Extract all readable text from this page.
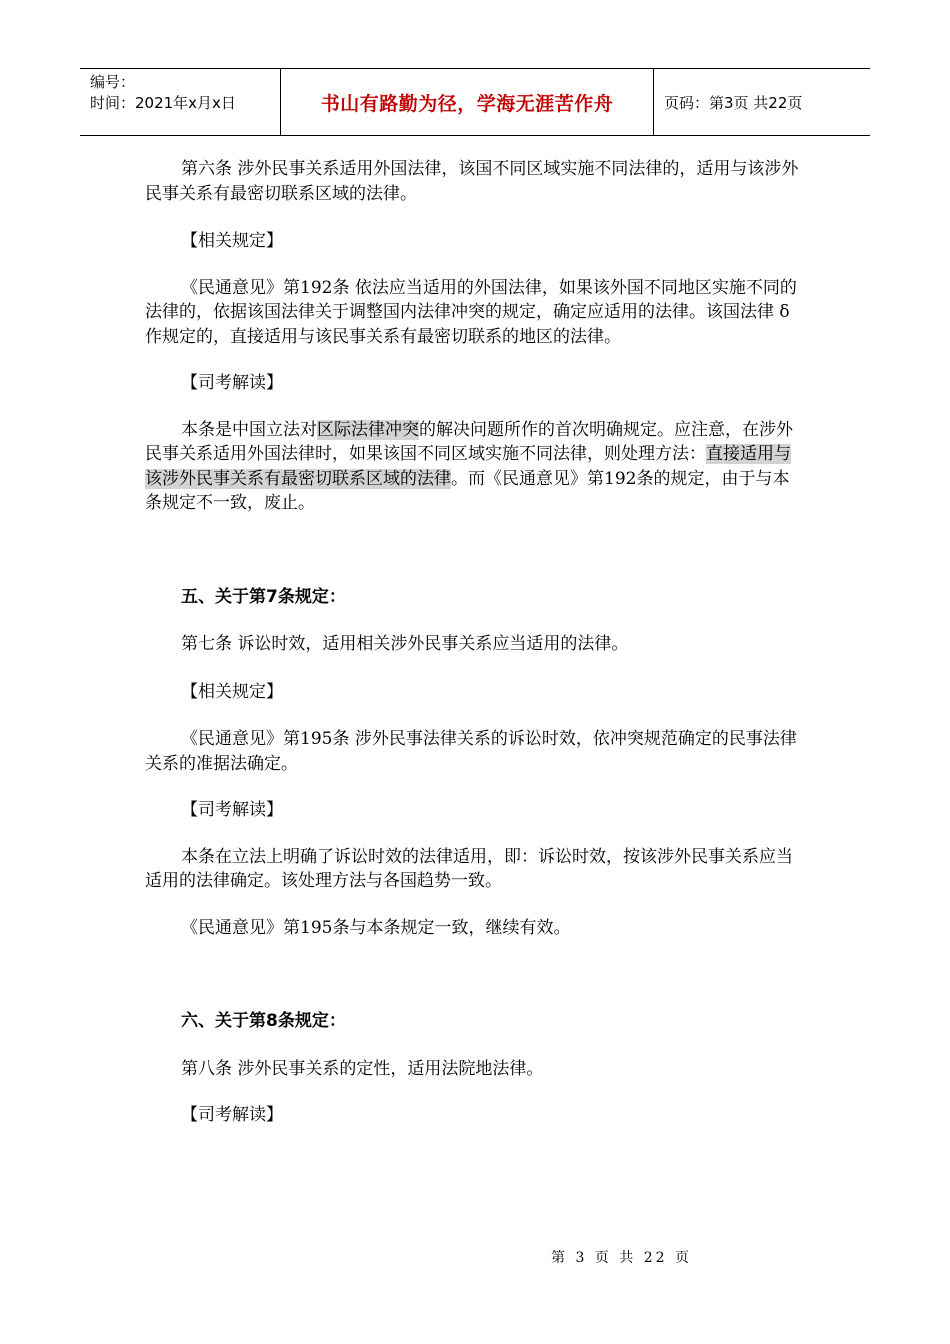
编号：
时间：2021年x月x日	书山有路勤为径，学海无涯苦作舟	页码：第3页 共22页

第六条 涉外民事关系适用外国法律，该国不同区域实施不同法律的，适用与该涉外民事关系有最密切联系区域的法律。

【相关规定】

《民通意见》第192条 依法应当适用的外国法律，如果该外国不同地区实施不同的法律的，依据该国法律关于调整国内法律冲突的规定，确定应适用的法律。该国法律 δ 作规定的，直接适用与该民事关系有最密切联系的地区的法律。

【司考解读】

本条是中国立法对区际法律冲突的解决问题所作的首次明确规定。应注意，在涉外民事关系适用外国法律时，如果该国不同区域实施不同法律，则处理方法：直接适用与该涉外民事关系有最密切联系区域的法律。而《民通意见》第192条的规定，由于与本条规定不一致，废止。

五、关于第7条规定：

第七条 诉讼时效，适用相关涉外民事关系应当适用的法律。

【相关规定】

《民通意见》第195条 涉外民事法律关系的诉讼时效，依冲突规范确定的民事法律关系的准据法确定。

【司考解读】

本条在立法上明确了诉讼时效的法律适用，即：诉讼时效，按该涉外民事关系应当适用的法律确定。该处理方法与各国趋势一致。

《民通意见》第195条与本条规定一致，继续有效。

六、关于第8条规定：

第八条 涉外民事关系的定性，适用法院地法律。

【司考解读】

第 3 页 共 22 页
